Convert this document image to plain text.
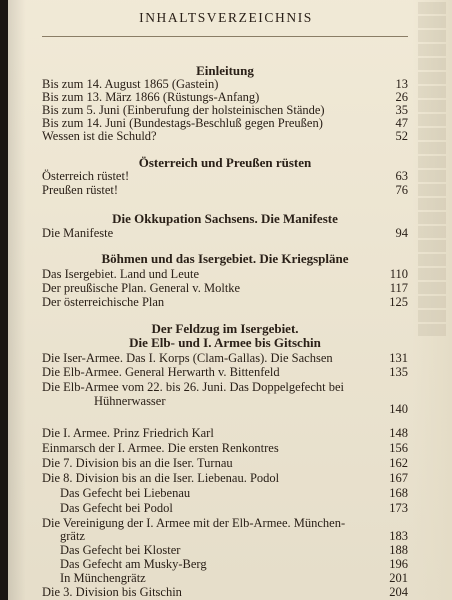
INHALTSVERZEICHNIS
Einleitung
Bis zum 14. August 1865 (Gastein)	13
Bis zum 13. März 1866 (Rüstungs-Anfang)	26
Bis zum 5. Juni (Einberufung der holsteinischen Stände)	35
Bis zum 14. Juni (Bundestags-Beschluß gegen Preußen)	47
Wessen ist die Schuld?	52
Österreich und Preußen rüsten
Österreich rüstet!	63
Preußen rüstet!	76
Die Okkupation Sachsens. Die Manifeste
Die Manifeste	94
Böhmen und das Isergebiet. Die Kriegspläne
Das Isergebiet. Land und Leute	110
Der preußische Plan. General v. Moltke	117
Der österreichische Plan	125
Der Feldzug im Isergebiet.
Die Elb- und I. Armee bis Gitschin
Die Iser-Armee. Das I. Korps (Clam-Gallas). Die Sachsen	131
Die Elb-Armee. General Herwarth v. Bittenfeld	135
Die Elb-Armee vom 22. bis 26. Juni. Das Doppelgefecht bei
Hühnerwasser
140
Die I. Armee. Prinz Friedrich Karl	148
Einmarsch der I. Armee. Die ersten Renkontres	156
Die 7. Division bis an die Iser. Turnau	162
Die 8. Division bis an die Iser. Liebenau. Podol	167
Das Gefecht bei Liebenau	168
Das Gefecht bei Podol	173
Die Vereinigung der I. Armee mit der Elb-Armee. München-
grätz	183
Das Gefecht bei Kloster	188
Das Gefecht am Musky-Berg	196
In Münchengrätz	201
Die 3. Division bis Gitschin	204
